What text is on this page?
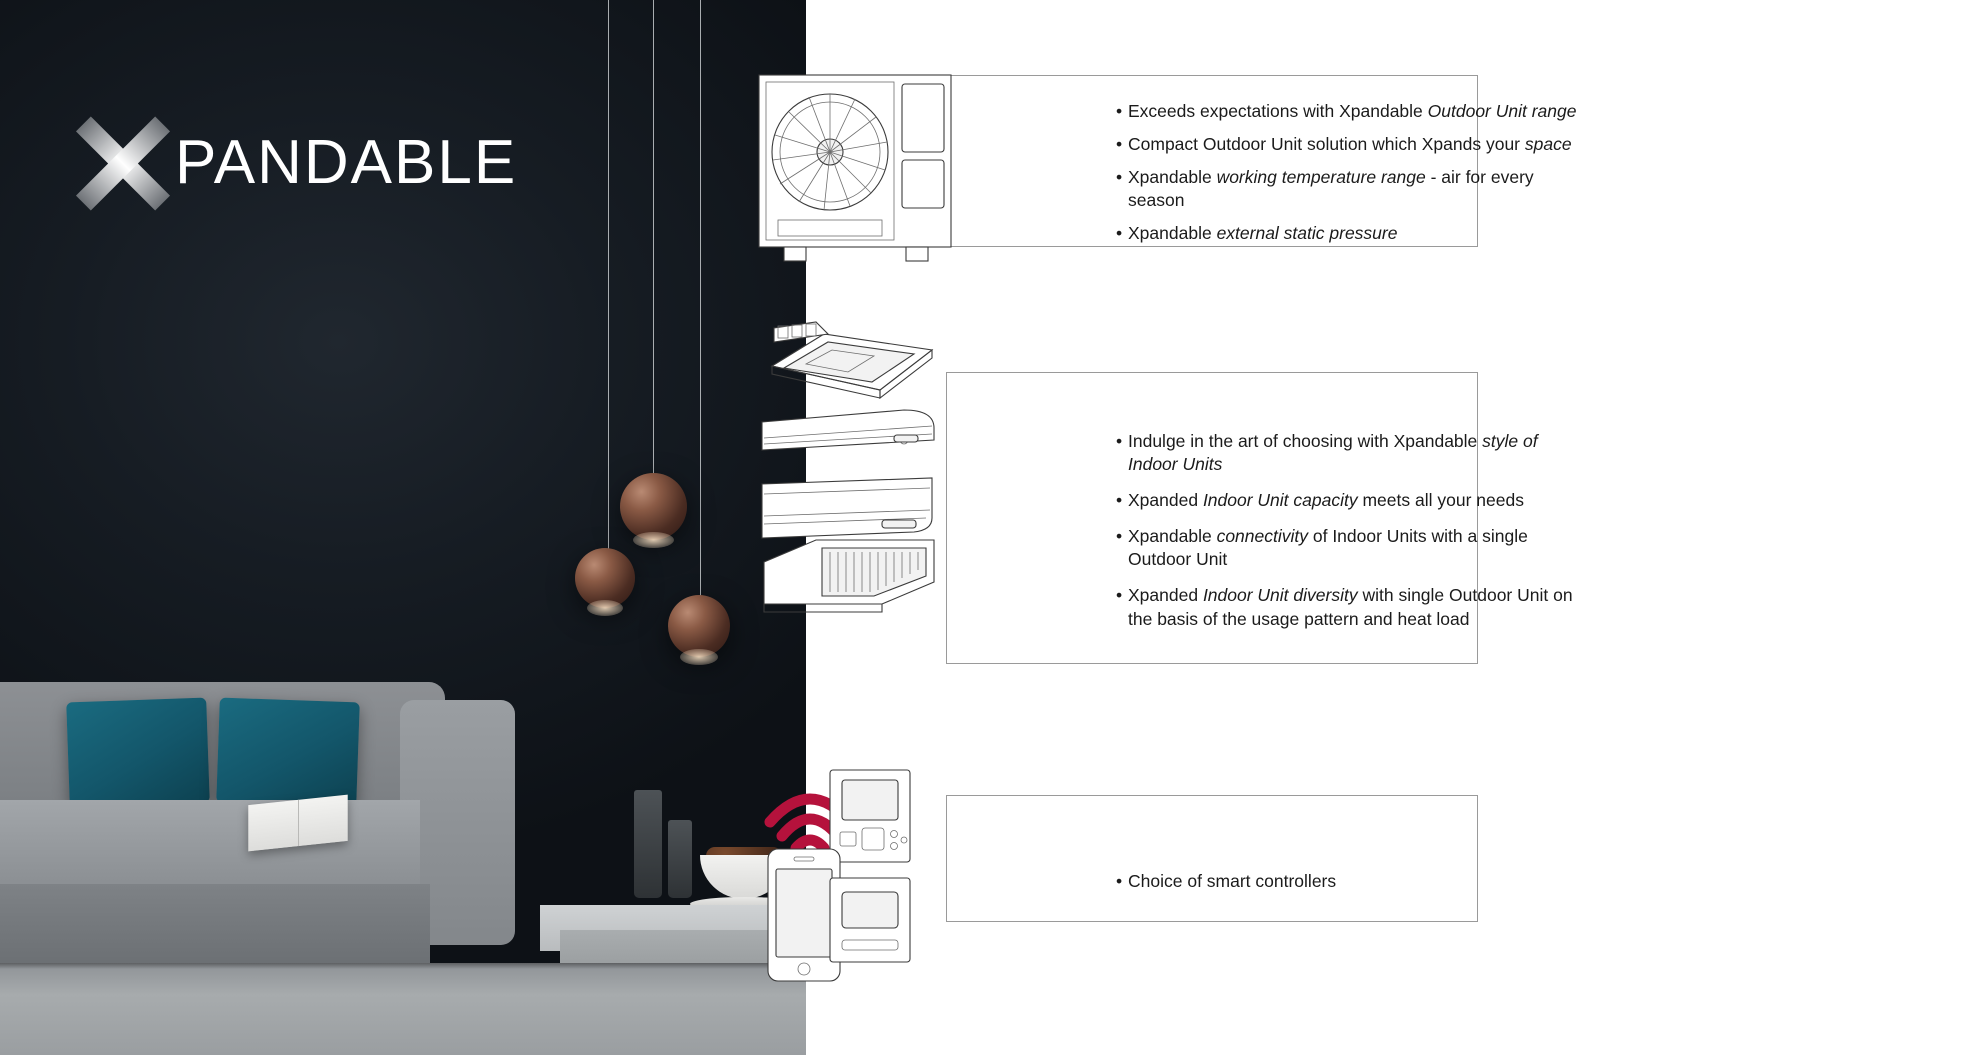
PANDABLE
• Exceeds expectations with Xpandable Outdoor Unit range
• Compact Outdoor Unit solution which Xpands your space
• Xpandable working temperature range - air for every season
• Xpandable external static pressure
• Indulge in the art of choosing with Xpandable style of Indoor Units
• Xpanded Indoor Unit capacity meets all your needs
• Xpandable connectivity of Indoor Units with a single Outdoor Unit
• Xpanded Indoor Unit diversity with single Outdoor Unit on the basis of the usage pattern and heat load
• Choice of smart controllers
